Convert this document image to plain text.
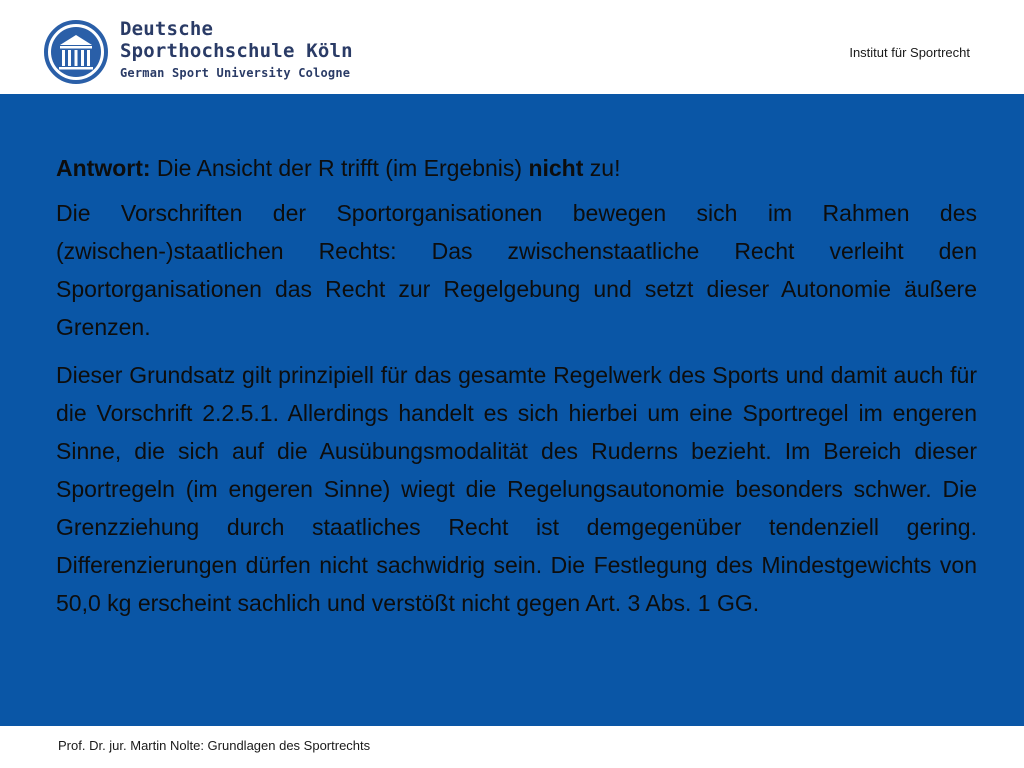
Deutsche
Sporthochschule Köln
German Sport University Cologne
Institut für Sportrecht

Antwort: Die Ansicht der R trifft (im Ergebnis) nicht zu!

Die Vorschriften der Sportorganisationen bewegen sich im Rahmen des (zwischen-)staatlichen Rechts: Das zwischenstaatliche Recht verleiht den Sportorganisationen das Recht zur Regelgebung und setzt dieser Autonomie äußere Grenzen.

Dieser Grundsatz gilt prinzipiell für das gesamte Regelwerk des Sports und damit auch für die Vorschrift 2.2.5.1. Allerdings handelt es sich hierbei um eine Sportregel im engeren Sinne, die sich auf die Ausübungsmodalität des Ruderns bezieht. Im Bereich dieser Sportregeln (im engeren Sinne) wiegt die Regelungsautonomie besonders schwer. Die Grenzziehung durch staatliches Recht ist demgegenüber tendenziell gering. Differenzierungen dürfen nicht sachwidrig sein. Die Festlegung des Mindestgewichts von 50,0 kg erscheint sachlich und verstößt nicht gegen Art. 3 Abs. 1 GG.

Prof. Dr. jur. Martin Nolte: Grundlagen des Sportrechts
